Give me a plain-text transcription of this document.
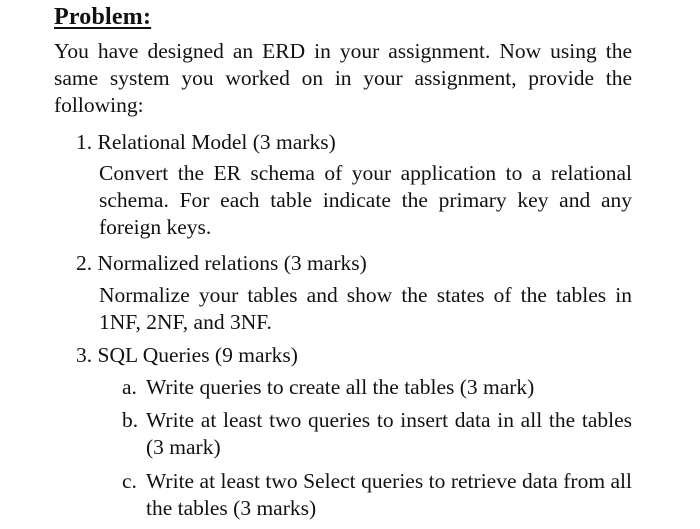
Problem:
You have designed an ERD in your assignment. Now using the same system you worked on in your assignment, provide the following:
1. Relational Model (3 marks)
Convert the ER schema of your application to a relational schema. For each table indicate the primary key and any foreign keys.
2. Normalized relations (3 marks)
Normalize your tables and show the states of the tables in 1NF, 2NF, and 3NF.
3. SQL Queries (9 marks)
a. Write queries to create all the tables (3 mark)
b. Write at least two queries to insert data in all the tables (3 mark)
c. Write at least two Select queries to retrieve data from all the tables (3 marks)
